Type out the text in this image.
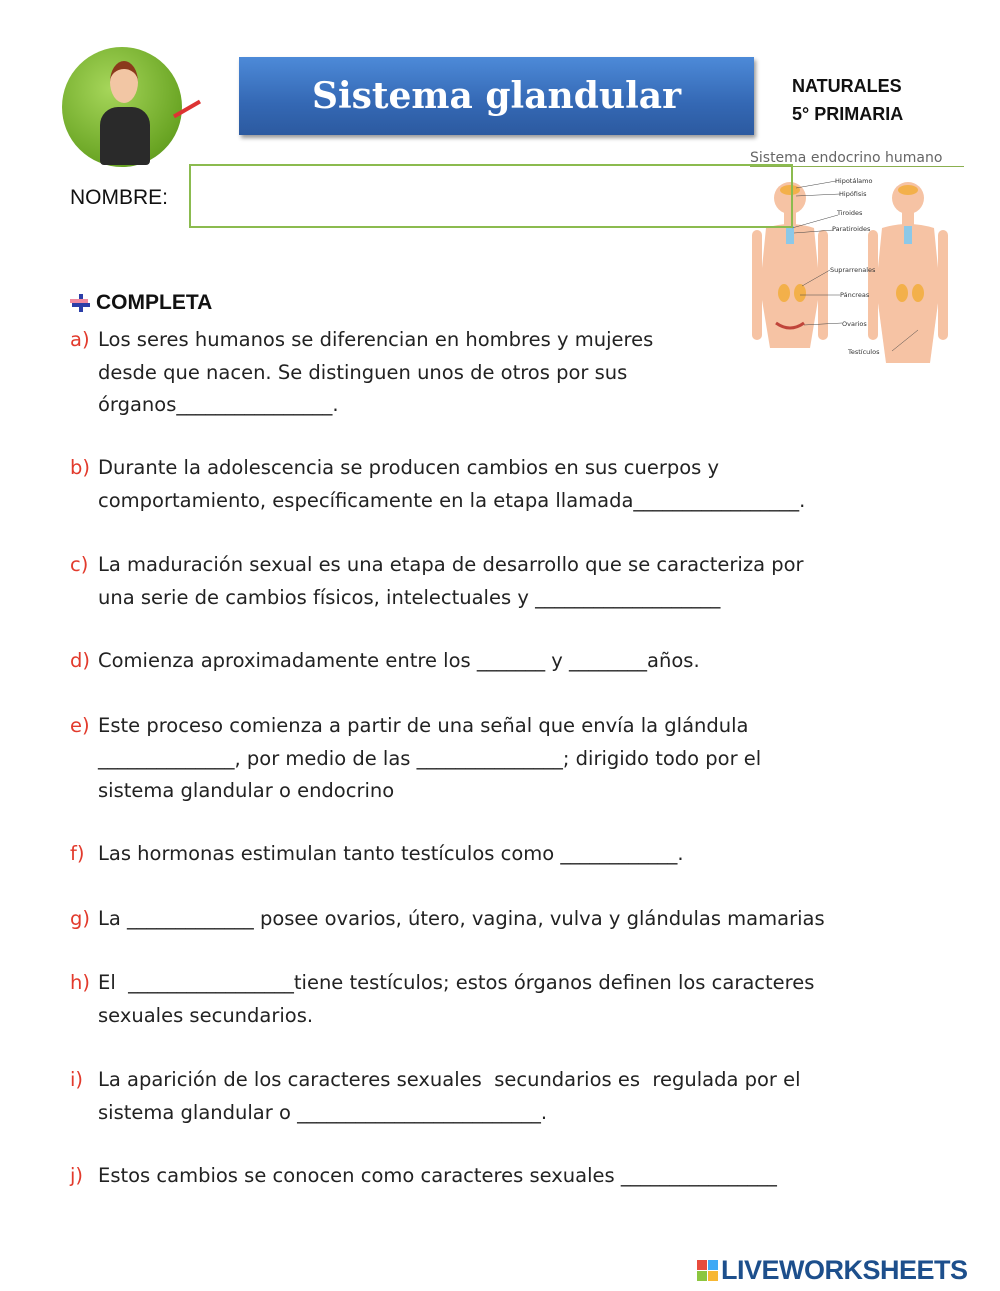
Sistema glandular	NATURALES
5° PRIMARIA
Sistema endocrino humano
Hipotálamo
Hipófisis
Tiroides
Paratiroides
Suprarrenales
Páncreas
Ovarios
Testículos
NOMBRE:
COMPLETA
a) Los seres humanos se diferencian en hombres y mujeres
desde que nacen. Se distinguen unos de otros por sus
órganos________________.
b) Durante la adolescencia se producen cambios en sus cuerpos y
comportamiento, específicamente en la etapa llamada_________________.
c) La maduración sexual es una etapa de desarrollo que se caracteriza por
una serie de cambios físicos, intelectuales y ___________________
d) Comienza aproximadamente entre los _______ y ________años.
e) Este proceso comienza a partir de una señal que envía la glándula
______________, por medio de las _______________; dirigido todo por el
sistema glandular o endocrino
f) Las hormonas estimulan tanto testículos como ____________.
g) La _____________ posee ovarios, útero, vagina, vulva y glándulas mamarias
h) El  _________________tiene testículos; estos órganos definen los caracteres
sexuales secundarios.
i) La aparición de los caracteres sexuales  secundarios es  regulada por el
sistema glandular o _________________________.
j) Estos cambios se conocen como caracteres sexuales ________________
LIVEWORKSHEETS
